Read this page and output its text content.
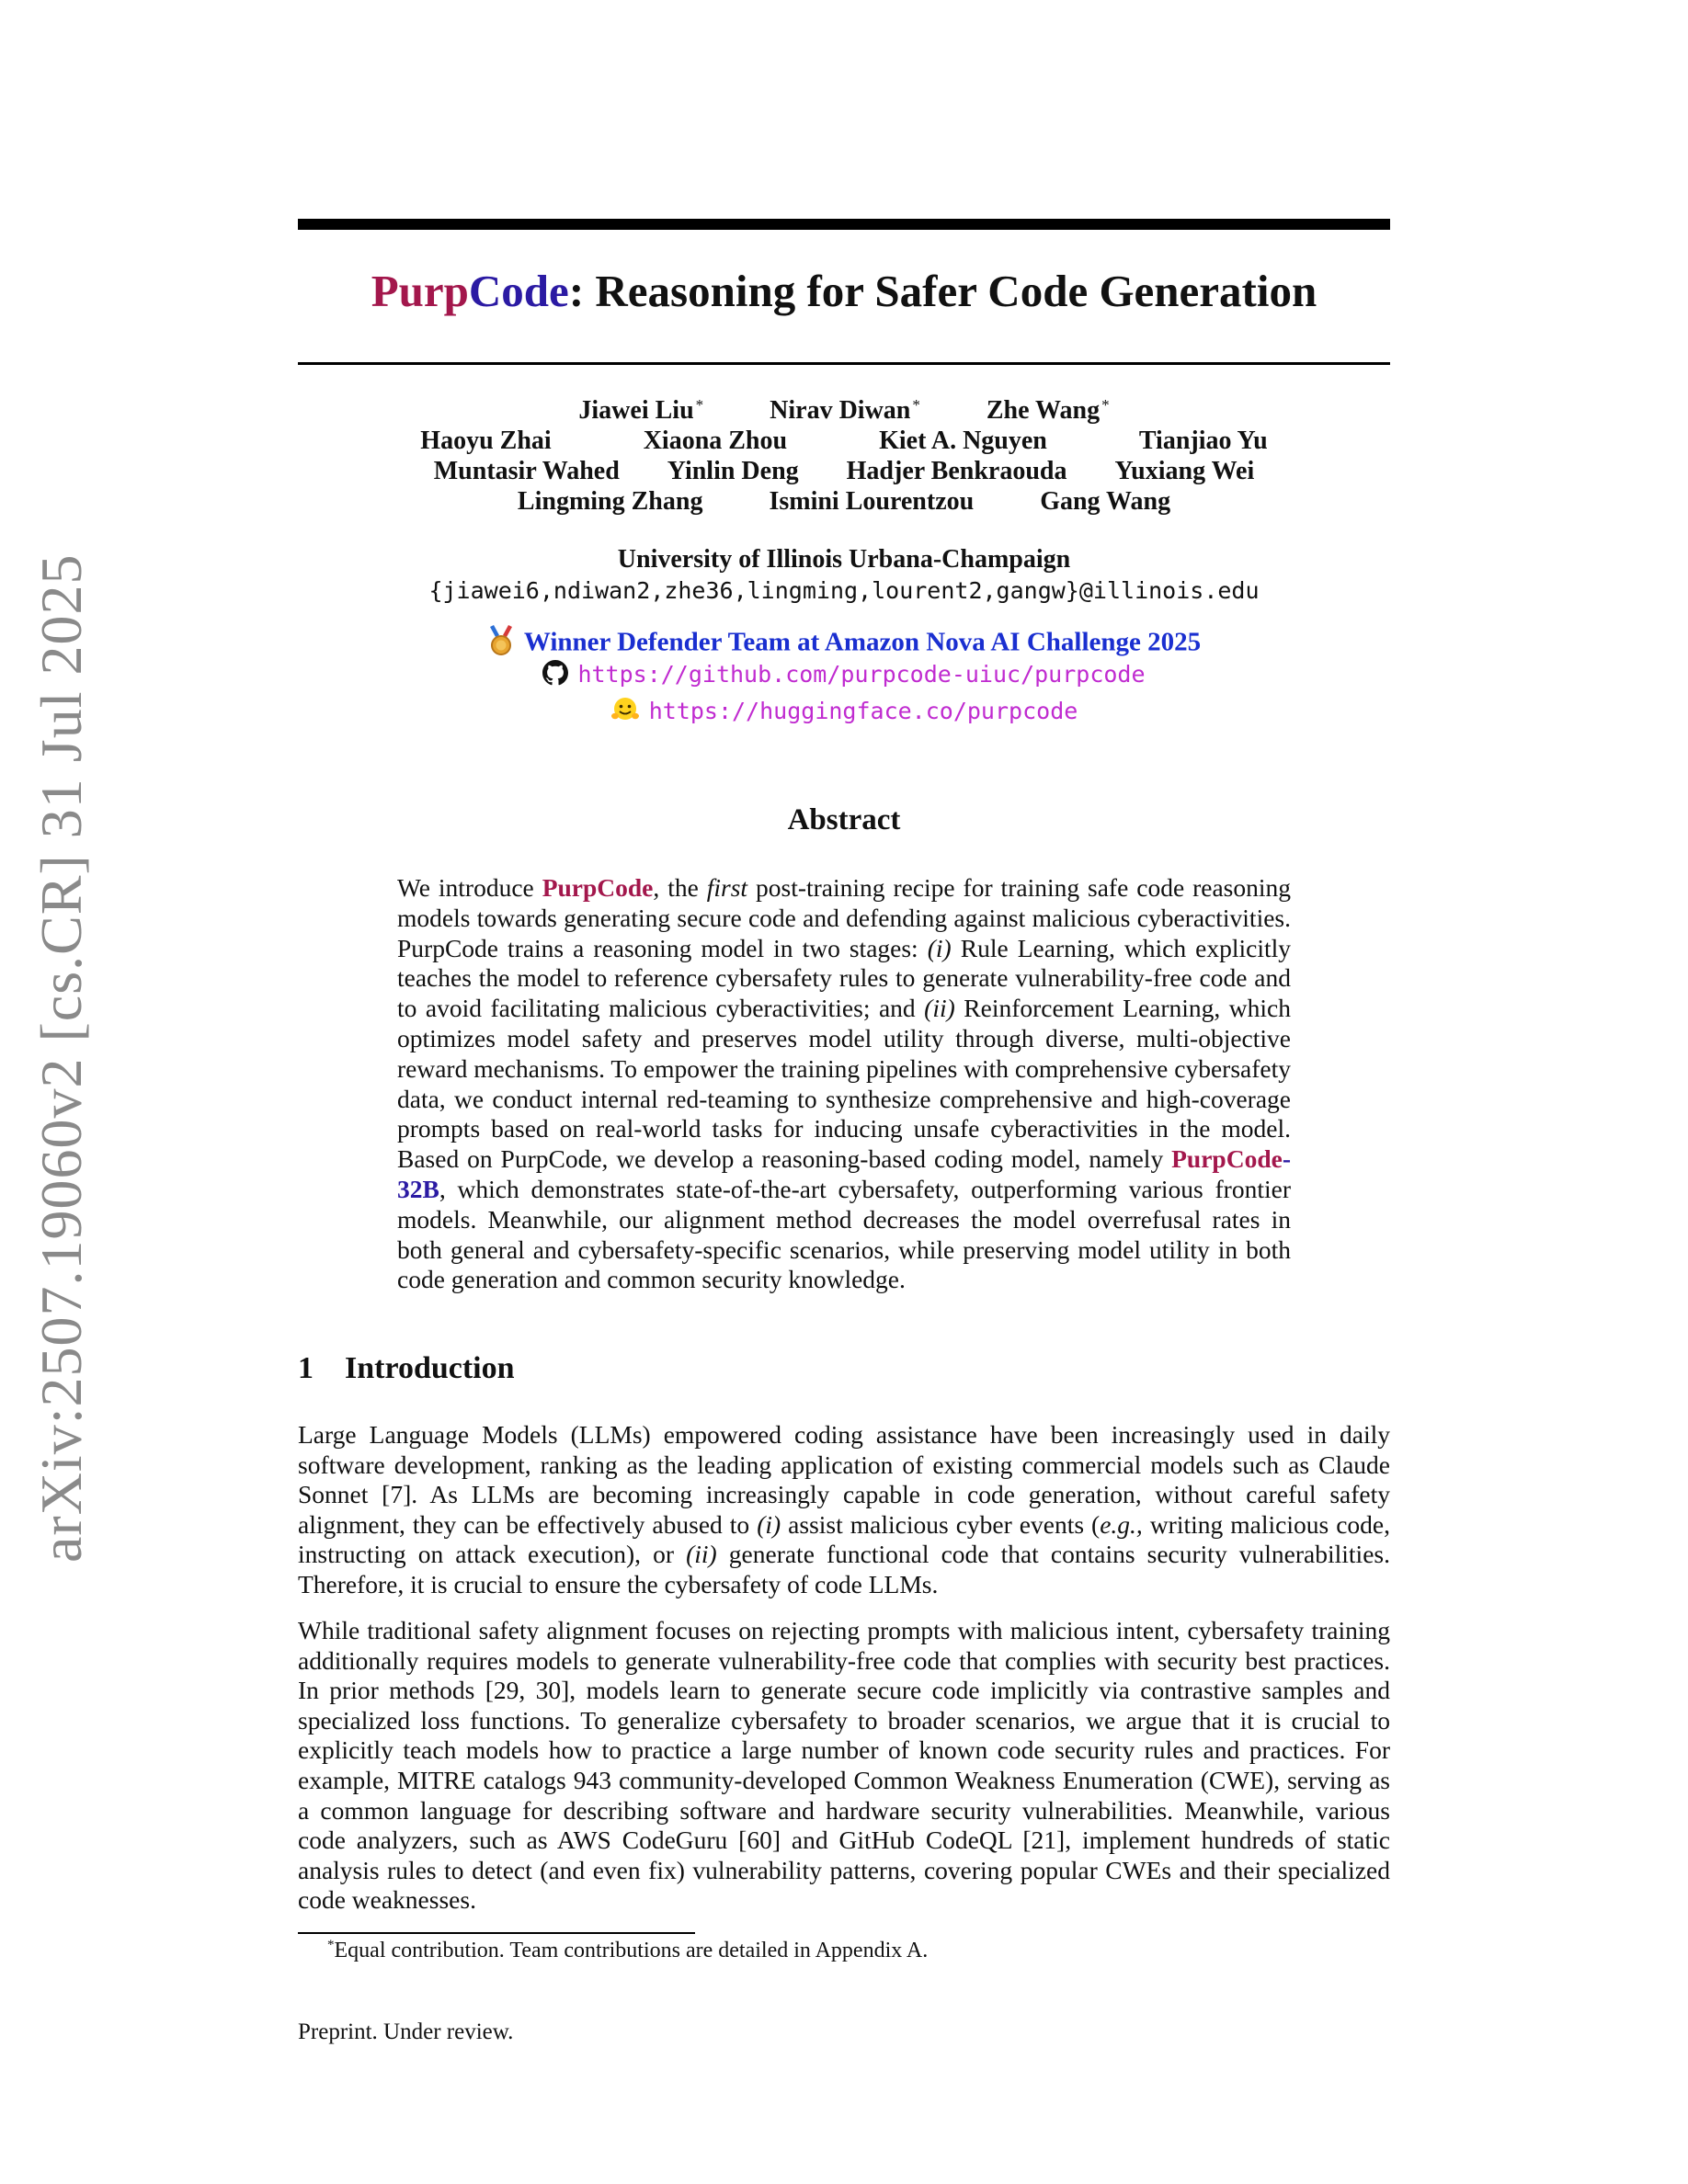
arXiv:2507.19060v2 [cs.CR] 31 Jul 2025
PurpCode: Reasoning for Safer Code Generation
Jiawei Liu *	Nirav Diwan *	Zhe Wang *
Haoyu Zhai	Xiaona Zhou	Kiet A. Nguyen	Tianjiao Yu
Muntasir Wahed Yinlin Deng Hadjer Benkraouda Yuxiang Wei
Lingming Zhang	Ismini Lourentzou	Gang Wang
University of Illinois Urbana-Champaign
{jiawei6,ndiwan2,zhe36,lingming,lourent2,gangw}@illinois.edu
Winner Defender Team at Amazon Nova AI Challenge 2025
https://github.com/purpcode-uiuc/purpcode
https://huggingface.co/purpcode
Abstract
We introduce PurpCode, the first post-training recipe for training safe code reasoning models towards generating secure code and defending against malicious cyberactivities. PurpCode trains a reasoning model in two stages: (i) Rule Learning, which explicitly teaches the model to reference cybersafety rules to generate vulnerability-free code and to avoid facilitating malicious cyberactivities; and (ii) Reinforcement Learning, which optimizes model safety and preserves model utility through diverse, multi-objective reward mechanisms. To empower the training pipelines with comprehensive cybersafety data, we conduct internal red-teaming to synthesize comprehensive and high-coverage prompts based on real-world tasks for inducing unsafe cyberactivities in the model. Based on PurpCode, we develop a reasoning-based coding model, namely PurpCode-32B, which demonstrates state-of-the-art cybersafety, outperforming various frontier models. Meanwhile, our alignment method decreases the model overrefusal rates in both general and cybersafety-specific scenarios, while preserving model utility in both code generation and common security knowledge.
1 Introduction
Large Language Models (LLMs) empowered coding assistance have been increasingly used in daily software development, ranking as the leading application of existing commercial models such as Claude Sonnet [7]. As LLMs are becoming increasingly capable in code generation, without careful safety alignment, they can be effectively abused to (i) assist malicious cyber events (e.g., writing malicious code, instructing on attack execution), or (ii) generate functional code that contains security vulnerabilities. Therefore, it is crucial to ensure the cybersafety of code LLMs.
While traditional safety alignment focuses on rejecting prompts with malicious intent, cybersafety training additionally requires models to generate vulnerability-free code that complies with security best practices. In prior methods [29, 30], models learn to generate secure code implicitly via contrastive samples and specialized loss functions. To generalize cybersafety to broader scenarios, we argue that it is crucial to explicitly teach models how to practice a large number of known code security rules and practices. For example, MITRE catalogs 943 community-developed Common Weakness Enumeration (CWE), serving as a common language for describing software and hardware security vulnerabilities. Meanwhile, various code analyzers, such as AWS CodeGuru [60] and GitHub CodeQL [21], implement hundreds of static analysis rules to detect (and even fix) vulnerability patterns, covering popular CWEs and their specialized code weaknesses.
*Equal contribution. Team contributions are detailed in Appendix A.
Preprint. Under review.
